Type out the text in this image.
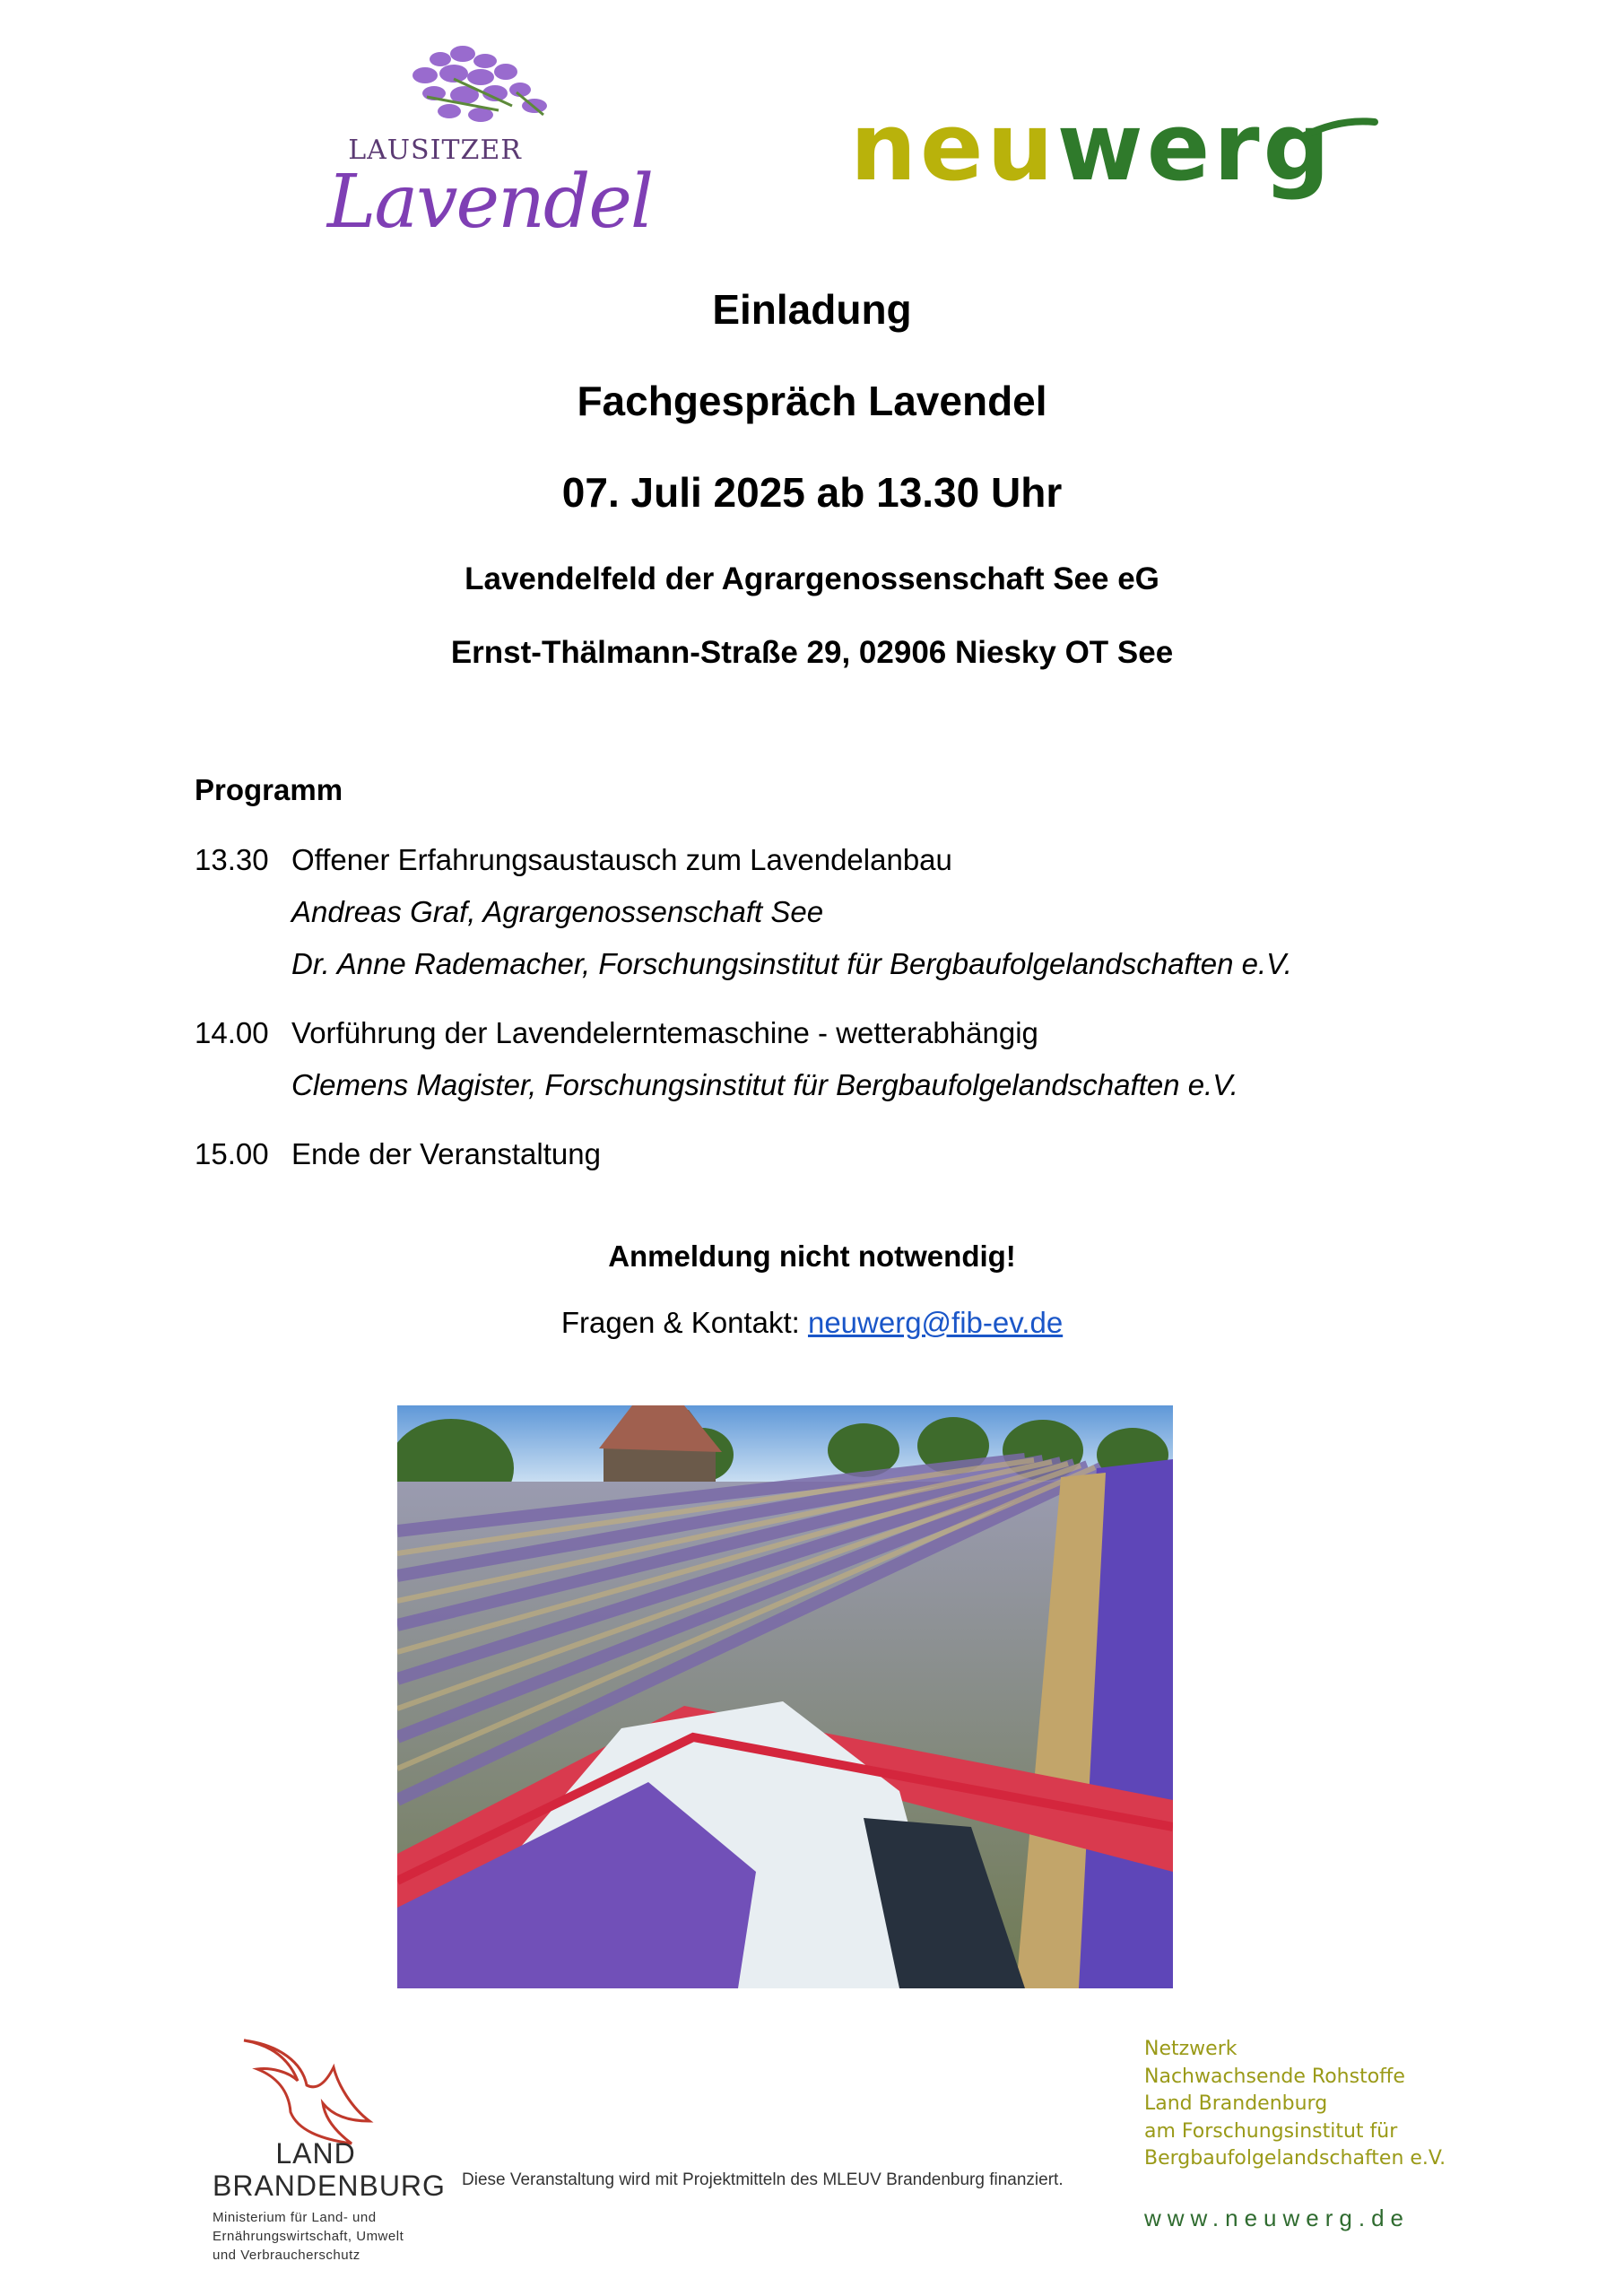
LAUSITZER
Lavendel
neuwerg
Einladung
Fachgespräch Lavendel
07. Juli 2025 ab 13.30 Uhr
Lavendelfeld der Agrargenossenschaft See eG
Ernst-Thälmann-Straße 29, 02906 Niesky OT See
Programm
13.30 Offener Erfahrungsaustausch zum Lavendelanbau
Andreas Graf, Agrargenossenschaft See
Dr. Anne Rademacher, Forschungsinstitut für Bergbaufolgelandschaften e.V.
14.00 Vorführung der Lavendelerntemaschine - wetterabhängig
Clemens Magister, Forschungsinstitut für Bergbaufolgelandschaften e.V.
15.00 Ende der Veranstaltung
Anmeldung nicht notwendig!
Fragen & Kontakt: neuwerg@fib-ev.de
LAND
BRANDENBURG
Ministerium für Land- und
Ernährungswirtschaft, Umwelt
und Verbraucherschutz
Diese Veranstaltung wird mit Projektmitteln des MLEUV Brandenburg finanziert.
Netzwerk
Nachwachsende Rohstoffe
Land Brandenburg
am Forschungsinstitut für
Bergbaufolgelandschaften e.V.
www.neuwerg.de
